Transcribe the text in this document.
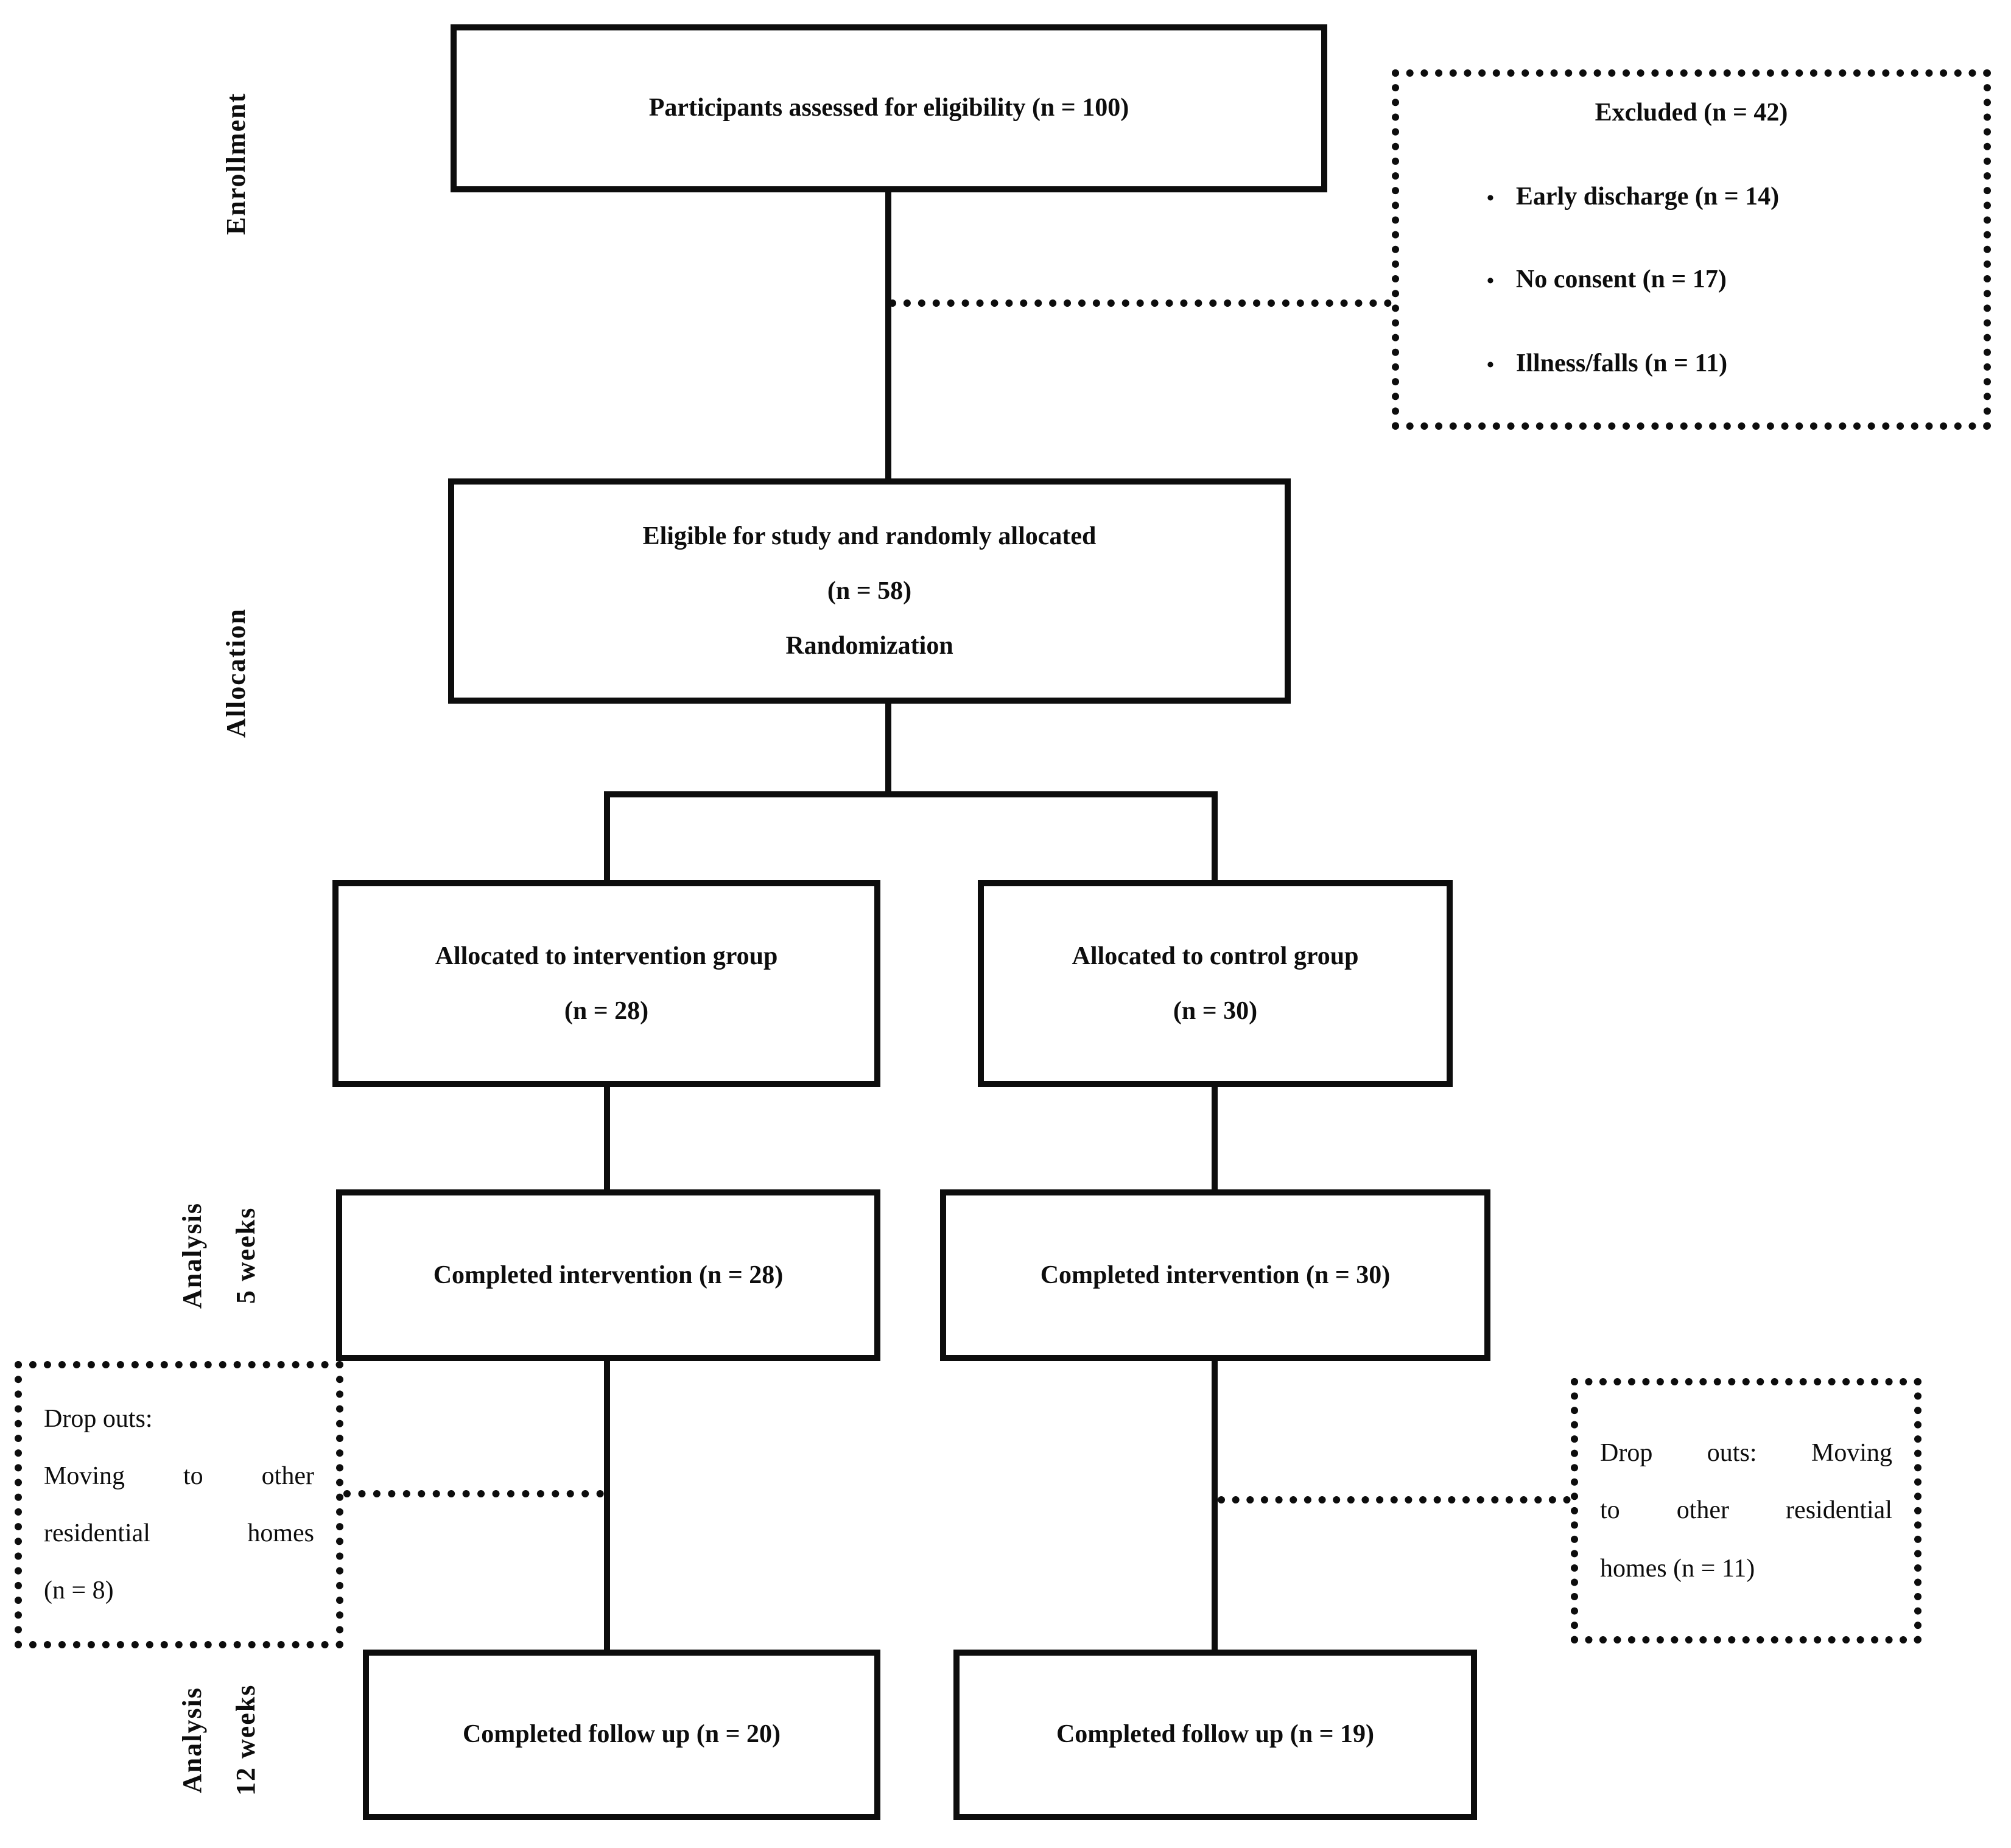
Enrollment
Allocation
Analysis	5 weeks
Analysis	12 weeks
Participants assessed for eligibility (n = 100)	Excluded (n = 42)
• Early discharge (n = 14)
• No consent (n = 17)
• Illness/falls (n = 11)
Eligible for study and randomly allocated
(n = 58)
Randomization
Allocated to intervention group
(n = 28)
Allocated to control group
(n = 30)
Completed intervention (n = 28)	Completed intervention (n = 30)
Drop outs:
Moving to other
residential homes
(n = 8)
Drop outs: Moving
to other residential
homes (n = 11)
Completed follow up (n = 20)	Completed follow up (n = 19)
